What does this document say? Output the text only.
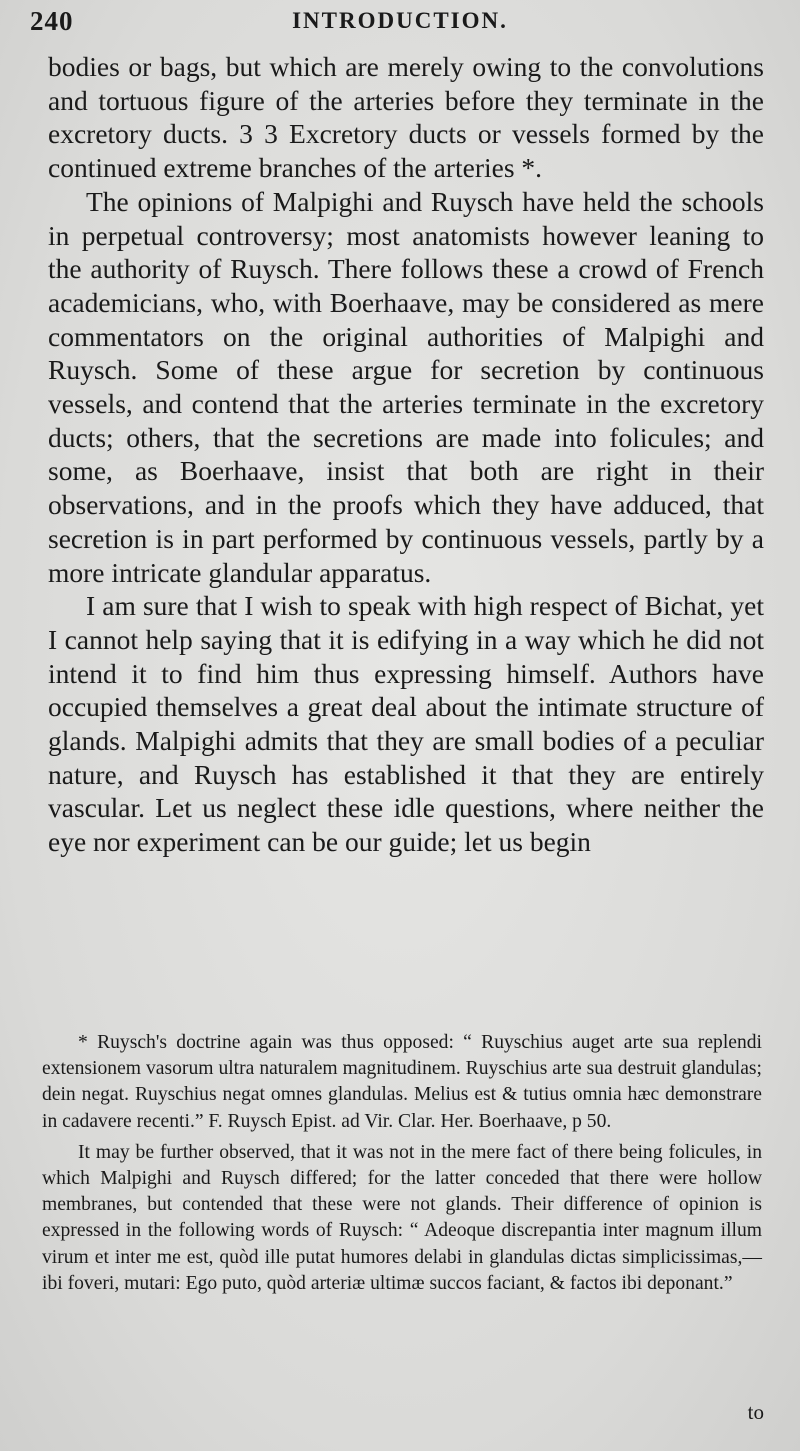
240	INTRODUCTION.

bodies or bags, but which are merely owing to the convolutions and tortuous figure of the arteries before they terminate in the excretory ducts. 3 3 Excretory ducts or vessels formed by the continued extreme branches of the arteries *.

The opinions of Malpighi and Ruysch have held the schools in perpetual controversy; most anatomists however leaning to the authority of Ruysch. There follows these a crowd of French academicians, who, with Boerhaave, may be considered as mere commentators on the original authorities of Malpighi and Ruysch. Some of these argue for secretion by continuous vessels, and contend that the arteries terminate in the excretory ducts; others, that the secretions are made into folicules; and some, as Boerhaave, insist that both are right in their observations, and in the proofs which they have adduced, that secretion is in part performed by continuous vessels, partly by a more intricate glandular apparatus.

I am sure that I wish to speak with high respect of Bichat, yet I cannot help saying that it is edifying in a way which he did not intend it to find him thus expressing himself. Authors have occupied themselves a great deal about the intimate structure of glands. Malpighi admits that they are small bodies of a peculiar nature, and Ruysch has established it that they are entirely vascular. Let us neglect these idle questions, where neither the eye nor experiment can be our guide; let us begin

* Ruysch's doctrine again was thus opposed: “ Ruyschius auget arte sua replendi extensionem vasorum ultra naturalem magnitudinem. Ruyschius arte sua destruit glandulas; dein negat. Ruyschius negat omnes glandulas. Melius est & tutius omnia hæc demonstrare in cadavere recenti.” F. Ruysch Epist. ad Vir. Clar. Her. Boerhaave, p 50.

It may be further observed, that it was not in the mere fact of there being folicules, in which Malpighi and Ruysch differed; for the latter conceded that there were hollow membranes, but contended that these were not glands. Their difference of opinion is expressed in the following words of Ruysch: “ Adeoque discrepantia inter magnum illum virum et inter me est, quòd ille putat humores delabi in glandulas dictas simplicissimas,—ibi foveri, mutari: Ego puto, quòd arteriæ ultimæ succos faciant, & factos ibi deponant.”

to
